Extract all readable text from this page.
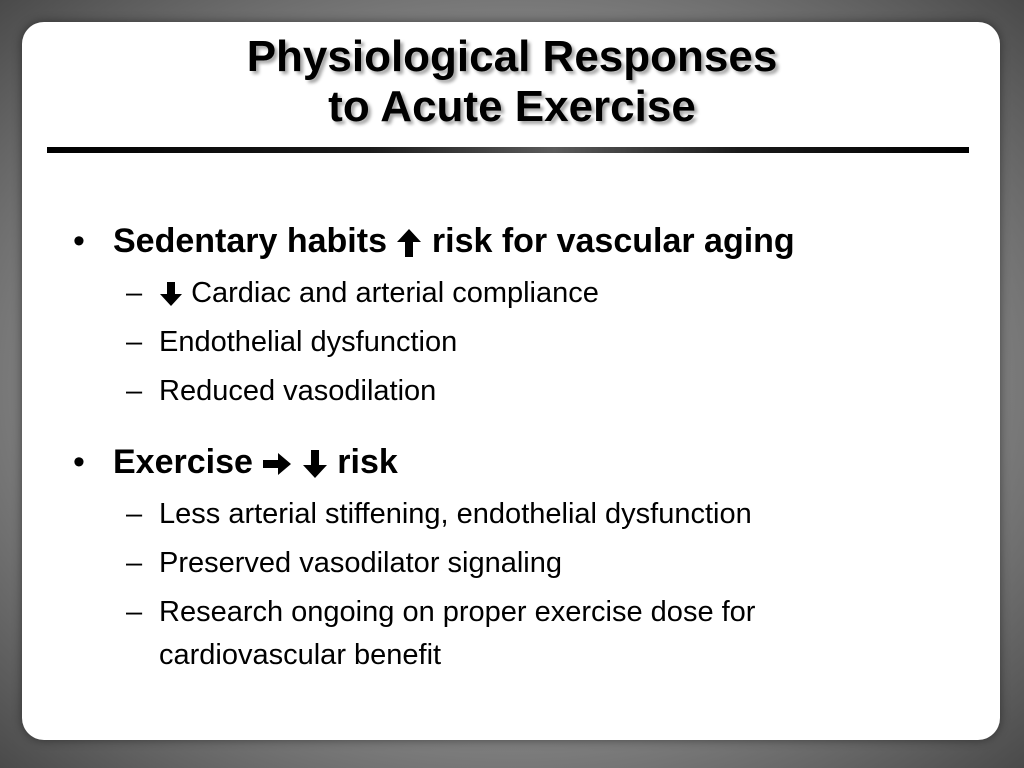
Physiological Responses
to Acute Exercise
• Sedentary habits risk for vascular aging
– Cardiac and arterial compliance
– Endothelial dysfunction
– Reduced vasodilation
• Exercise
risk
– Less arterial stiffening, endothelial dysfunction
– Preserved vasodilator signaling
– Research ongoing on proper exercise dose for
cardiovascular benefit
